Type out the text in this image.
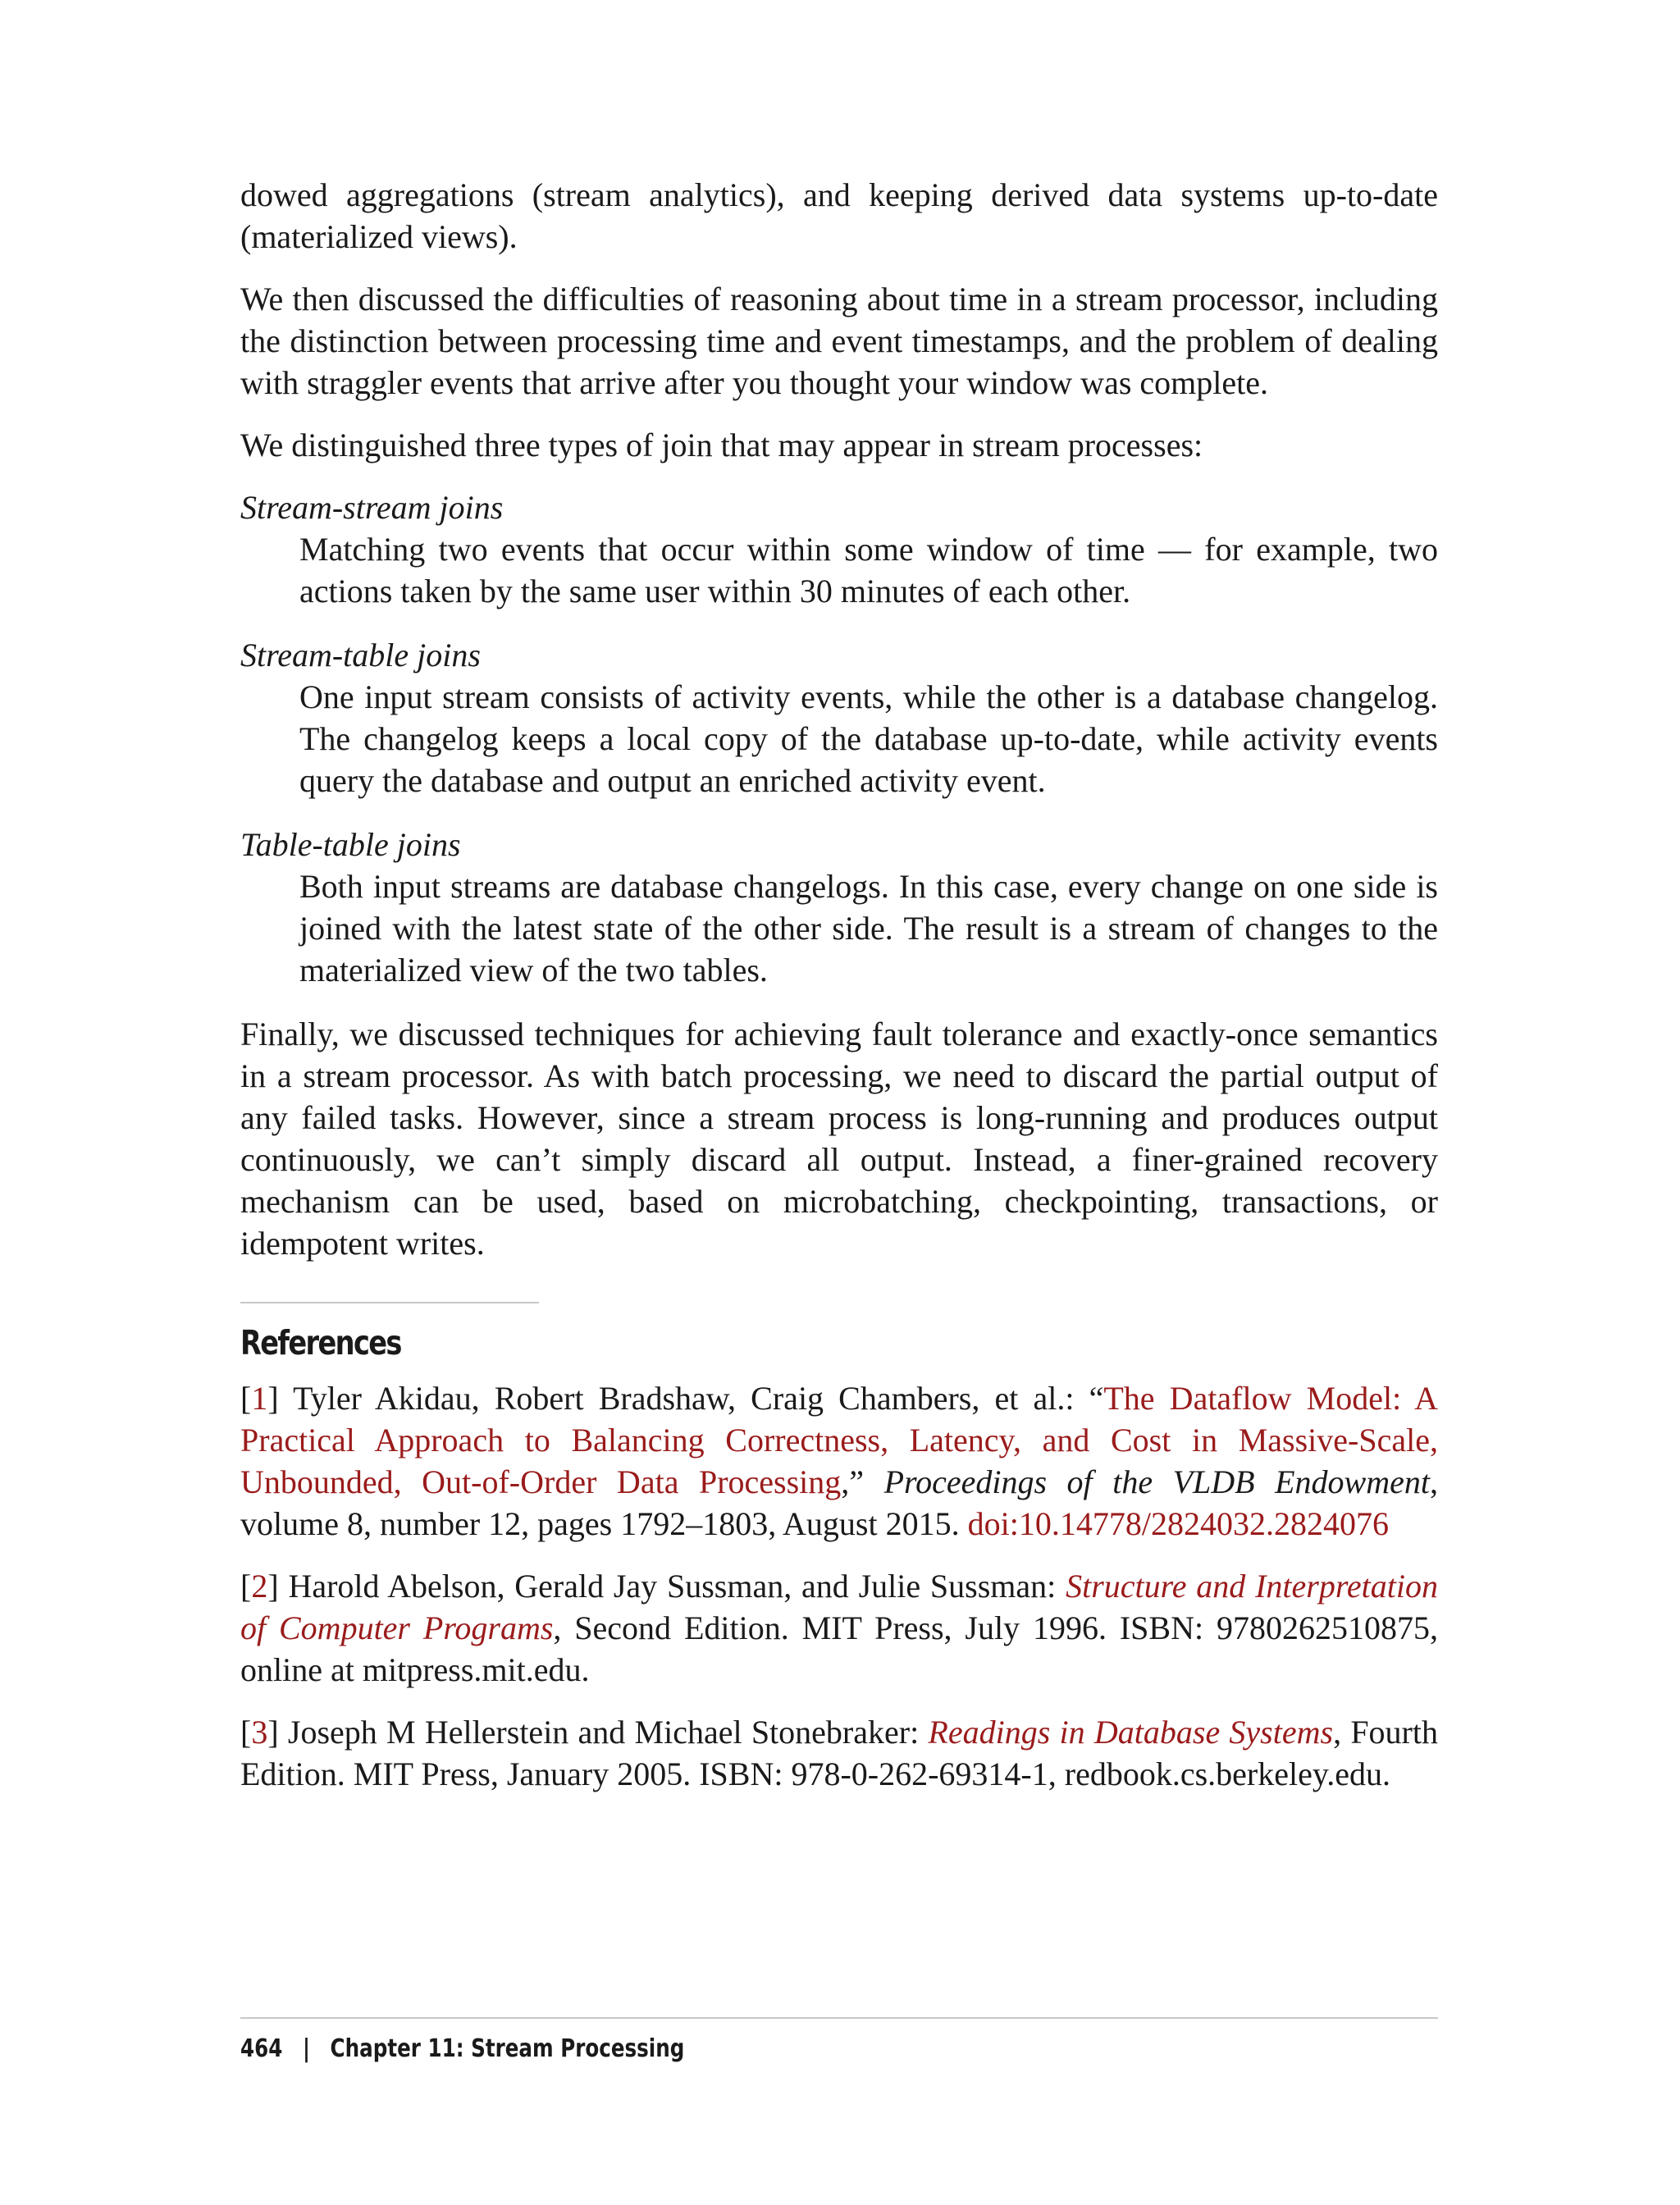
dowed aggregations (stream analytics), and keeping derived data systems up-to-date (materialized views).

We then discussed the difficulties of reasoning about time in a stream processor, including the distinction between processing time and event timestamps, and the problem of dealing with straggler events that arrive after you thought your window was complete.

We distinguished three types of join that may appear in stream processes:

Stream-stream joins

Matching two events that occur within some window of time — for example, two actions taken by the same user within 30 minutes of each other.

Stream-table joins

One input stream consists of activity events, while the other is a database changelog. The changelog keeps a local copy of the database up-to-date, while activity events query the database and output an enriched activity event.

Table-table joins

Both input streams are database changelogs. In this case, every change on one side is joined with the latest state of the other side. The result is a stream of changes to the materialized view of the two tables.

Finally, we discussed techniques for achieving fault tolerance and exactly-once semantics in a stream processor. As with batch processing, we need to discard the partial output of any failed tasks. However, since a stream process is long-running and produces output continuously, we can’t simply discard all output. Instead, a finer-grained recovery mechanism can be used, based on microbatching, checkpointing, transactions, or idempotent writes.

References

[1] Tyler Akidau, Robert Bradshaw, Craig Chambers, et al.: “The Dataflow Model: A Practical Approach to Balancing Correctness, Latency, and Cost in Massive-Scale, Unbounded, Out-of-Order Data Processing,” Proceedings of the VLDB Endowment, volume 8, number 12, pages 1792–1803, August 2015. doi:10.14778/2824032.2824076

[2] Harold Abelson, Gerald Jay Sussman, and Julie Sussman: Structure and Interpretation of Computer Programs, Second Edition. MIT Press, July 1996. ISBN: 9780262510875, online at mitpress.mit.edu.

[3] Joseph M Hellerstein and Michael Stonebraker: Readings in Database Systems, Fourth Edition. MIT Press, January 2005. ISBN: 978-0-262-69314-1, redbook.cs.berkeley.edu.

464 | Chapter 11: Stream Processing
